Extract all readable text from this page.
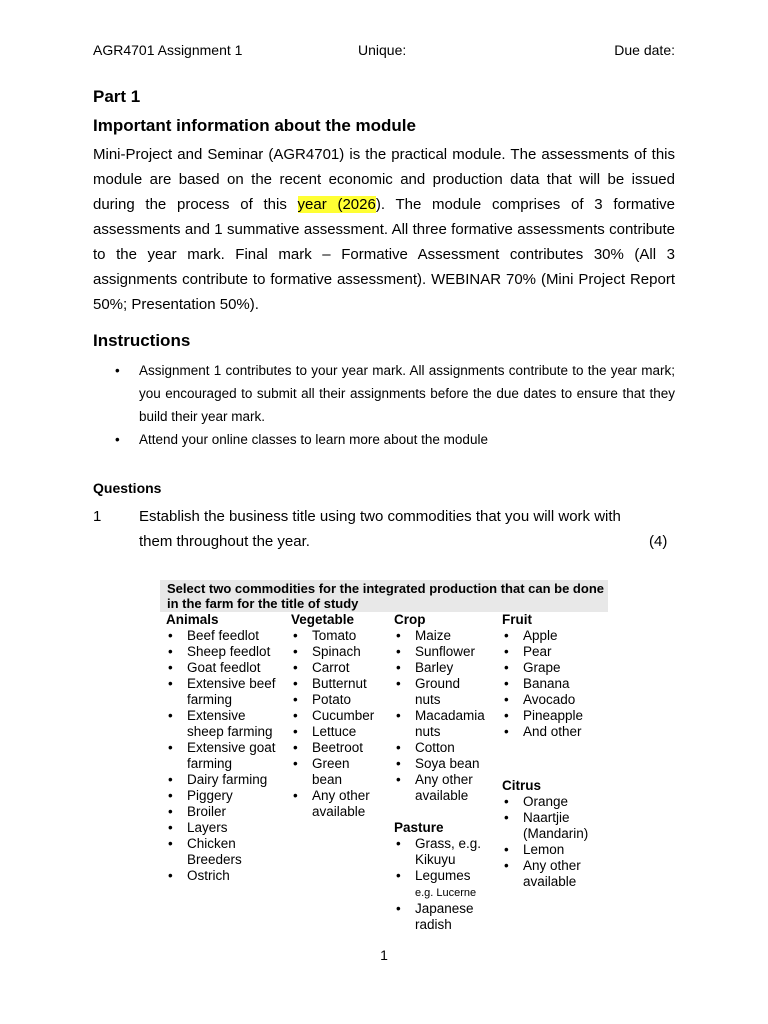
AGR4701 Assignment 1	Unique:	Due date:
Part 1
Important information about the module

Mini-Project and Seminar (AGR4701) is the practical module. The assessments of this module are based on the recent economic and production data that will be issued during the process of this year (2026). The module comprises of 3 formative assessments and 1 summative assessment. All three formative assessments contribute to the year mark. Final mark – Formative Assessment contributes 30% (All 3 assignments contribute to formative assessment). WEBINAR 70% (Mini Project Report 50%; Presentation 50%).

Instructions
• Assignment 1 contributes to your year mark. All assignments contribute to the year mark; you encouraged to submit all their assignments before the due dates to ensure that they build their year mark.
• Attend your online classes to learn more about the module
Questions
1	Establish the business title using two commodities that you will work with them throughout the year.	(4)
Select two commodities for the integrated production that can be done in the farm for the title of study
Animals
• Beef feedlot
• Sheep feedlot
• Goat feedlot
• Extensive beef farming
• Extensive sheep farming
• Extensive goat farming
• Dairy farming
• Piggery
• Broiler
• Layers
• Chicken Breeders
• Ostrich
Vegetable
• Tomato
• Spinach
• Carrot
• Butternut
• Potato
• Cucumber
• Lettuce
• Beetroot
• Green bean
• Any other available
Crop
• Maize
• Sunflower
• Barley
• Ground nuts
• Macadamia nuts
• Cotton
• Soya bean
• Any other available
Pasture
• Grass, e.g. Kikuyu
• Legumes
e.g. Lucerne
• Japanese radish
Fruit
• Apple
• Pear
• Grape
• Banana
• Avocado
• Pineapple
• And other
Citrus
• Orange
• Naartjie (Mandarin)
• Lemon
• Any other available
1
